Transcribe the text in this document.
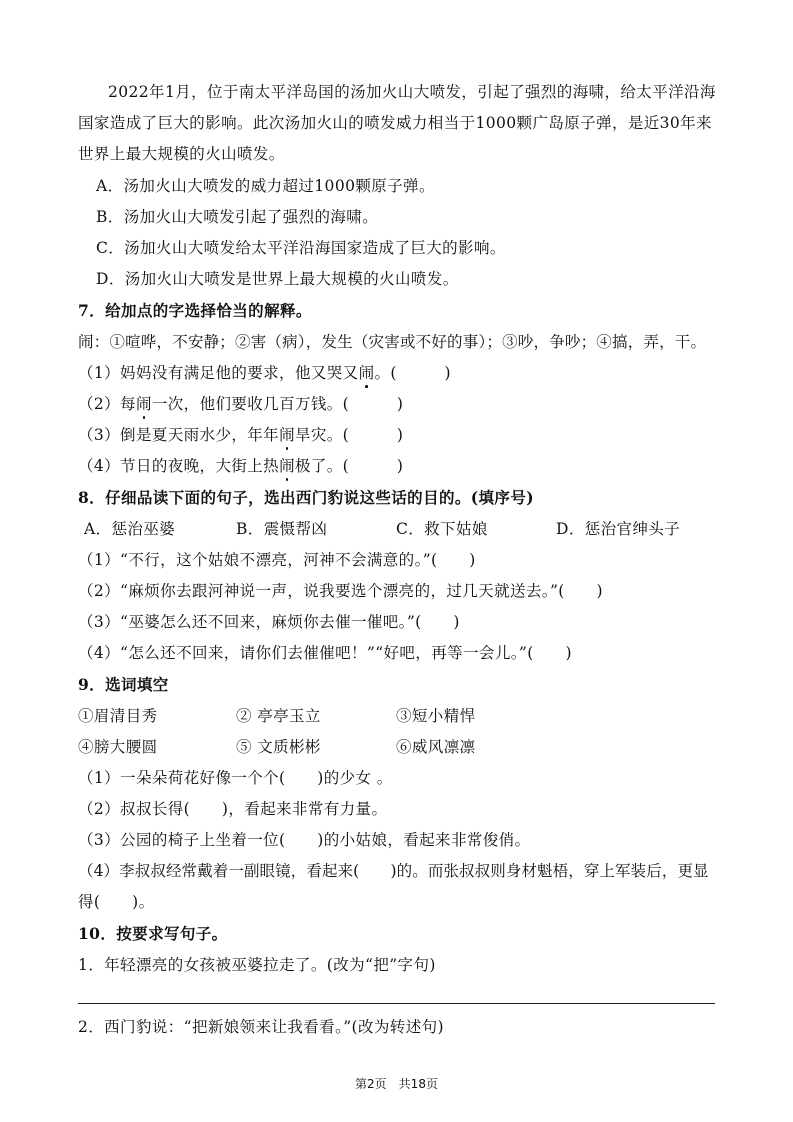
2022年1月，位于南太平洋岛国的汤加火山大喷发，引起了强烈的海啸，给太平洋沿海
国家造成了巨大的影响。此次汤加火山的喷发威力相当于1000颗广岛原子弹，是近30年来
世界上最大规模的火山喷发。
A．汤加火山大喷发的威力超过1000颗原子弹。
B．汤加火山大喷发引起了强烈的海啸。
C．汤加火山大喷发给太平洋沿海国家造成了巨大的影响。
D．汤加火山大喷发是世界上最大规模的火山喷发。
7．给加点的字选择恰当的解释。
闹：①喧哗，不安静；②害（病），发生（灾害或不好的事）；③吵，争吵；④搞，弄，干。
（1）妈妈没有满足他的要求，他又哭又闹。(　　　)
（2）每闹一次，他们要收几百万钱。(　　　)
（3）倒是夏天雨水少，年年闹旱灾。(　　　)
（4）节日的夜晚，大街上热闹极了。(　　　)
8．仔细品读下面的句子，选出西门豹说这些话的目的。(填序号)
A．惩治巫婆	B．震慑帮凶	C．救下姑娘	D．惩治官绅头子
（1）“不行，这个姑娘不漂亮，河神不会满意的。”(　　)
（2）“麻烦你去跟河神说一声，说我要选个漂亮的，过几天就送去。”(　　)
（3）“巫婆怎么还不回来，麻烦你去催一催吧。”(　　)
（4）“怎么还不回来，请你们去催催吧！”“好吧，再等一会儿。”(　　)
9．选词填空
①眉清目秀	② 亭亭玉立	③短小精悍
④膀大腰圆	⑤ 文质彬彬	⑥威风凛凛
（1）一朵朵荷花好像一个个(　　)的少女 。
（2）叔叔长得(　　)，看起来非常有力量。
（3）公园的椅子上坐着一位(　　)的小姑娘，看起来非常俊俏。
（4）李叔叔经常戴着一副眼镜，看起来(　　)的。而张叔叔则身材魁梧，穿上军装后，更显
得(　　)。
10．按要求写句子。
1．年轻漂亮的女孩被巫婆拉走了。(改为“把”字句)
2．西门豹说：“把新娘领来让我看看。”(改为转述句)
第2页　共18页
